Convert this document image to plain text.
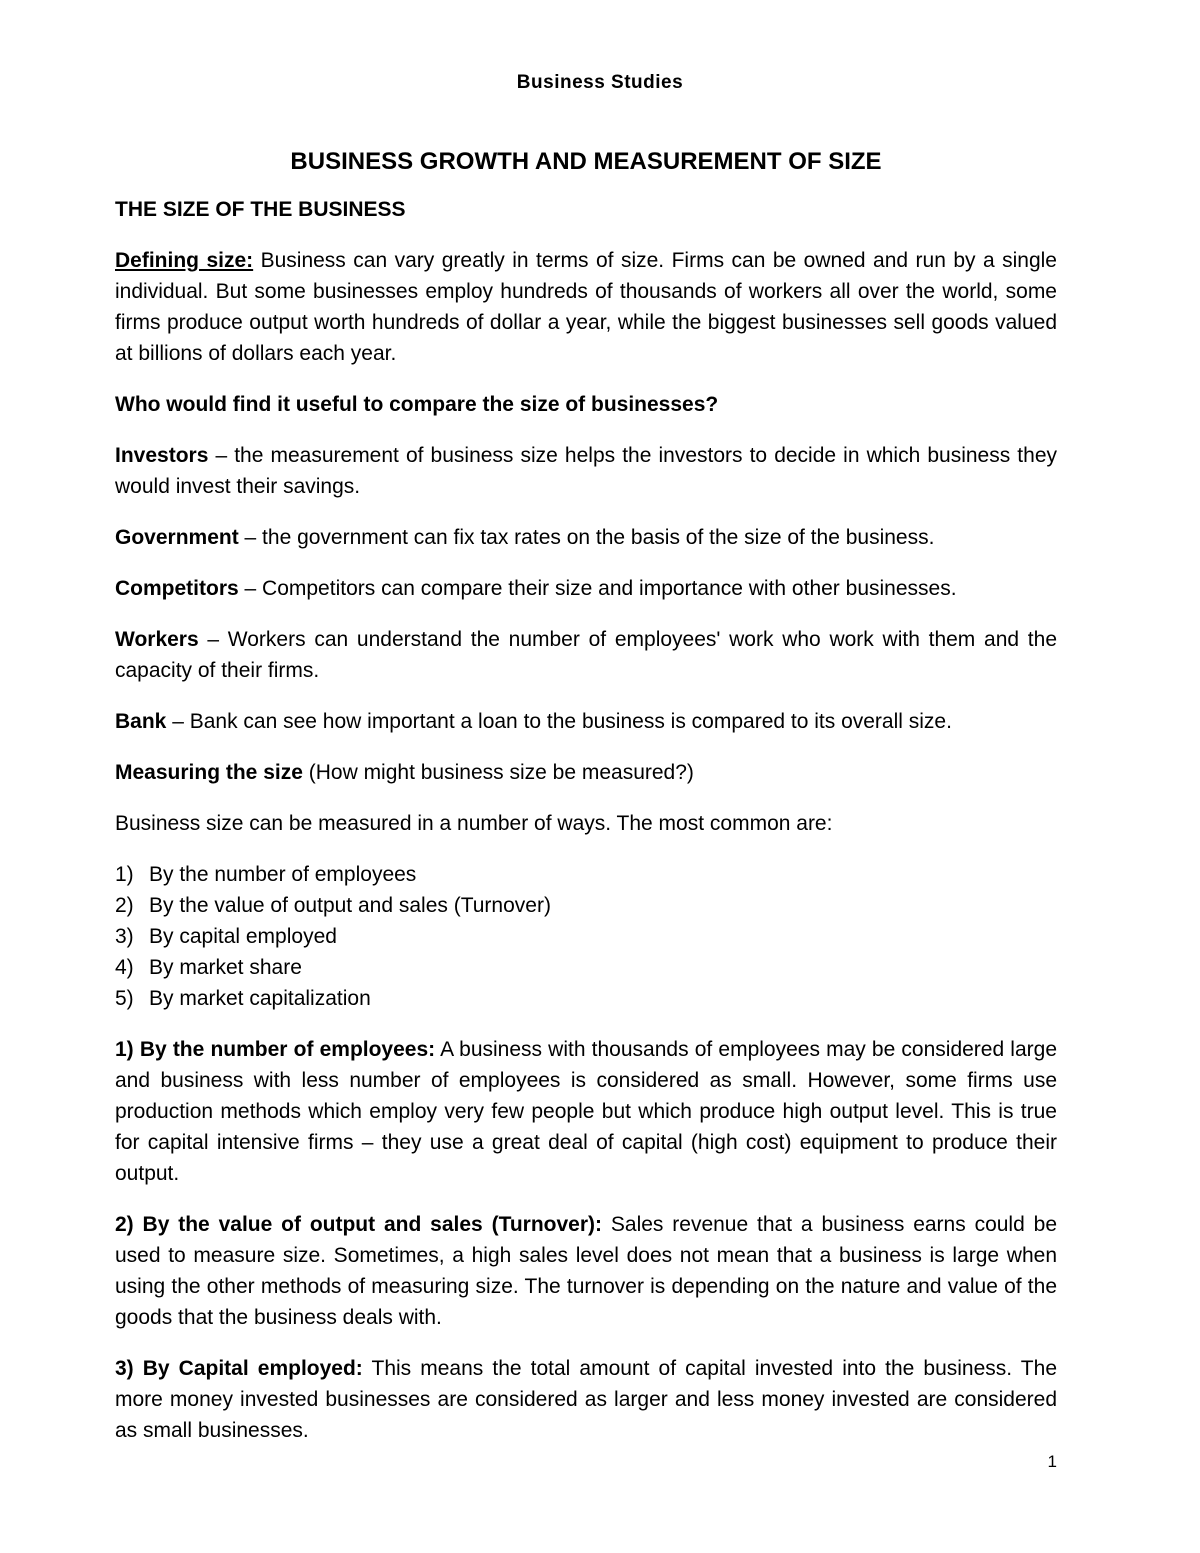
Business Studies
BUSINESS GROWTH AND MEASUREMENT OF SIZE
THE SIZE OF THE BUSINESS

Defining size: Business can vary greatly in terms of size. Firms can be owned and run by a single individual. But some businesses employ hundreds of thousands of workers all over the world, some firms produce output worth hundreds of dollar a year, while the biggest businesses sell goods valued at billions of dollars each year.

Who would find it useful to compare the size of businesses?

Investors – the measurement of business size helps the investors to decide in which business they would invest their savings.

Government – the government can fix tax rates on the basis of the size of the business.

Competitors – Competitors can compare their size and importance with other businesses.

Workers – Workers can understand the number of employees' work who work with them and the capacity of their firms.

Bank – Bank can see how important a loan to the business is compared to its overall size.

Measuring the size (How might business size be measured?)

Business size can be measured in a number of ways. The most common are:

1) By the number of employees
2) By the value of output and sales (Turnover)
3) By capital employed
4) By market share
5) By market capitalization

1) By the number of employees: A business with thousands of employees may be considered large and business with less number of employees is considered as small. However, some firms use production methods which employ very few people but which produce high output level. This is true for capital intensive firms – they use a great deal of capital (high cost) equipment to produce their output.

2) By the value of output and sales (Turnover): Sales revenue that a business earns could be used to measure size. Sometimes, a high sales level does not mean that a business is large when using the other methods of measuring size. The turnover is depending on the nature and value of the goods that the business deals with.

3) By Capital employed: This means the total amount of capital invested into the business. The more money invested businesses are considered as larger and less money invested are considered as small businesses.

1
